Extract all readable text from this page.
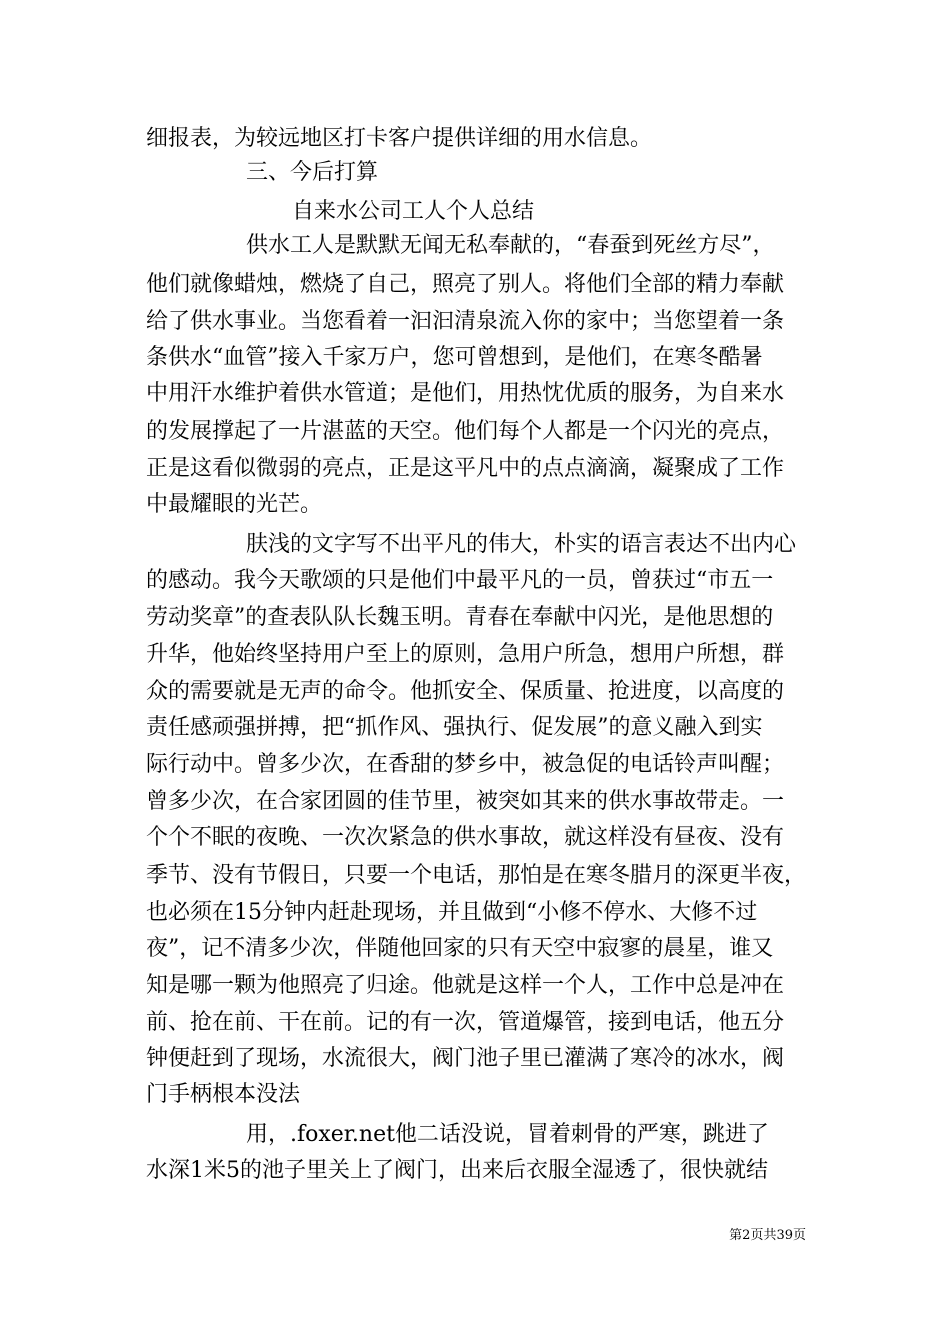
细报表，为较远地区打卡客户提供详细的用水信息。

三、今后打算

自来水公司工人个人总结

供水工人是默默无闻无私奉献的，“春蚕到死丝方尽”，

他们就像蜡烛，燃烧了自己，照亮了别人。将他们全部的精力奉献

给了供水事业。当您看着一汩汩清泉流入你的家中；当您望着一条

条供水“血管”接入千家万户，您可曾想到，是他们，在寒冬酷暑

中用汗水维护着供水管道；是他们，用热忱优质的服务，为自来水

的发展撑起了一片湛蓝的天空。他们每个人都是一个闪光的亮点，

正是这看似微弱的亮点，正是这平凡中的点点滴滴，凝聚成了工作

中最耀眼的光芒。

肤浅的文字写不出平凡的伟大，朴实的语言表达不出内心

的感动。我今天歌颂的只是他们中最平凡的一员，曾获过“市五一

劳动奖章”的查表队队长魏玉明。青春在奉献中闪光，是他思想的

升华，他始终坚持用户至上的原则，急用户所急，想用户所想，群

众的需要就是无声的命令。他抓安全、保质量、抢进度，以高度的

责任感顽强拼搏，把“抓作风、强执行、促发展”的意义融入到实

际行动中。曾多少次，在香甜的梦乡中，被急促的电话铃声叫醒；

曾多少次，在合家团圆的佳节里，被突如其来的供水事故带走。一

个个不眠的夜晚、一次次紧急的供水事故，就这样没有昼夜、没有

季节、没有节假日，只要一个电话，那怕是在寒冬腊月的深更半夜，

也必须在15分钟内赶赴现场，并且做到“小修不停水、大修不过

夜”，记不清多少次，伴随他回家的只有天空中寂寥的晨星，谁又

知是哪一颗为他照亮了归途。他就是这样一个人，工作中总是冲在

前、抢在前、干在前。记的有一次，管道爆管，接到电话，他五分

钟便赶到了现场，水流很大，阀门池子里已灌满了寒冷的冰水，阀

门手柄根本没法

用，.foxer.net他二话没说，冒着刺骨的严寒，跳进了

水深1米5的池子里关上了阀门，出来后衣服全湿透了，很快就结

第2页共39页
